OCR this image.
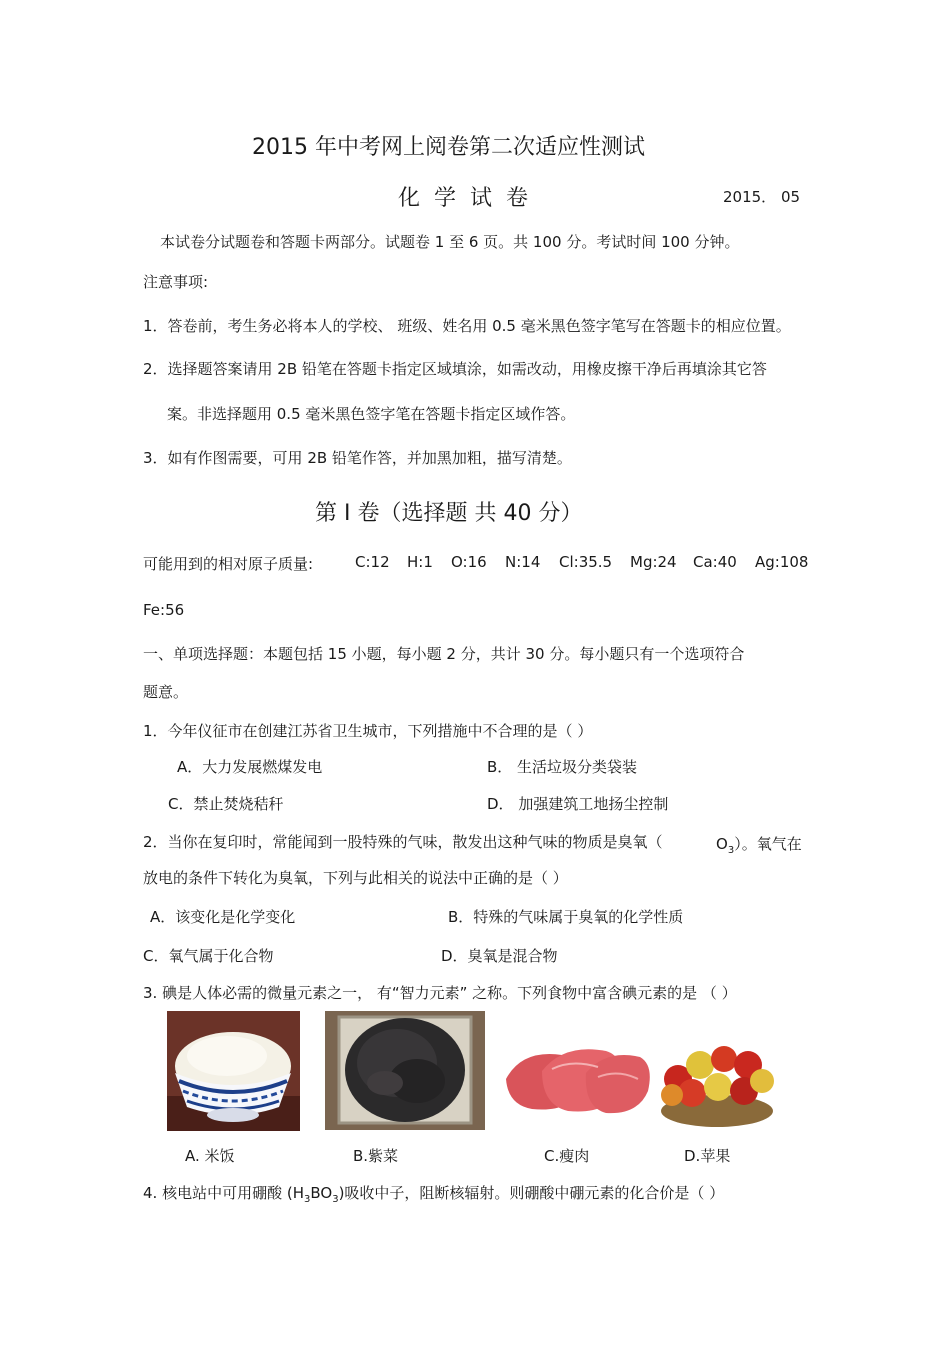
2015 年中考网上阅卷第二次适应性测试
化学试卷	2015． 05
本试卷分试题卷和答题卡两部分。试题卷 1 至 6 页。共 100 分。考试时间 100 分钟。
注意事项:
1．答卷前，考生务必将本人的学校、 班级、姓名用 0.5 毫米黑色签字笔写在答题卡的相应位置。
2．选择题答案请用 2B 铅笔在答题卡指定区域填涂，如需改动，用橡皮擦干净后再填涂其它答
案。非选择题用 0.5 毫米黑色签字笔在答题卡指定区域作答。
3．如有作图需要，可用 2B 铅笔作答，并加黑加粗，描写清楚。
第 I 卷（选择题 共 40 分）
可能用到的相对原子质量:	C:12 H:1 O:16 N:14 Cl:35.5 Mg:24 Ca:40 Ag:108
Fe:56
一、单项选择题：本题包括 15 小题，每小题 2 分，共计 30 分。每小题只有一个选项符合
题意。
1．今年仪征市在创建江苏省卫生城市，下列措施中不合理的是（ ）
A．大力发展燃煤发电	B． 生活垃圾分类袋装
C．禁止焚烧秸秆	D． 加强建筑工地扬尘控制
2．当你在复印时，常能闻到一股特殊的气味，散发出这种气味的物质是臭氧（	$O_3$）。氧气在
放电的条件下转化为臭氧，下列与此相关的说法中正确的是（ ）
A．该变化是化学变化	B．特殊的气味属于臭氧的化学性质
C．氧气属于化合物	D．臭氧是混合物
3. 碘是人体必需的微量元素之一， 有“智力元素” 之称。下列食物中富含碘元素的是 （ ）
A. 米饭	B.紫菜	C.瘦肉	D.苹果
4. 核电站中可用硼酸 $(H_3BO_3)$吸收中子，阻断核辐射。则硼酸中硼元素的化合价是（ ）
